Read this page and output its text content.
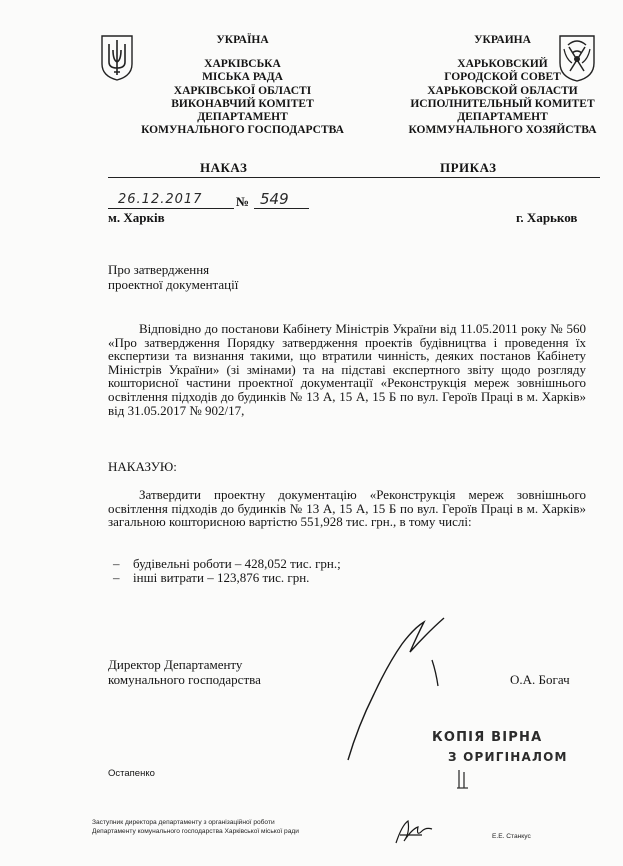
УКРАЇНА
ХАРКІВСЬКА
МІСЬКА РАДА
ХАРКІВСЬКОЇ ОБЛАСТІ
ВИКОНАВЧИЙ КОМІТЕТ
ДЕПАРТАМЕНТ
КОМУНАЛЬНОГО ГОСПОДАРСТВА
УКРАИНА
ХАРЬКОВСКИЙ
ГОРОДСКОЙ СОВЕТ
ХАРЬКОВСКОЙ ОБЛАСТИ
ИСПОЛНИТЕЛЬНЫЙ КОМИТЕТ
ДЕПАРТАМЕНТ
КОММУНАЛЬНОГО ХОЗЯЙСТВА
НАКАЗ	ПРИКАЗ
26.12.2017	№ 549
м. Харків	г. Харьков
Про затвердження
проектної документації
Відповідно до постанови Кабінету Міністрів України від 11.05.2011 року № 560 «Про затвердження Порядку затвердження проектів будівництва і проведення їх експертизи та визнання такими, що втратили чинність, деяких постанов Кабінету Міністрів України» (зі змінами) та на підставі експертного звіту щодо розгляду кошторисної частини проектної документації «Реконструкція мереж зовнішнього освітлення підходів до будинків № 13 А, 15 А, 15 Б по вул. Героїв Праці в м. Харків» від 31.05.2017 № 902/17,
НАКАЗУЮ:
Затвердити проектну документацію «Реконструкція мереж зовнішнього освітлення підходів до будинків № 13 А, 15 А, 15 Б по вул. Героїв Праці в м. Харків» загальною кошторисною вартістю 551,928 тис. грн., в тому числі:
– будівельні роботи – 428,052 тис. грн.;
– інші витрати – 123,876 тис. грн.
Директор Департаменту
комунального господарства	О.А. Богач
КОПІЯ ВІРНА
З ОРИГІНАЛОМ
Остапенко
Заступник директора департаменту з організаційної роботи
Департаменту комунального господарства Харківської міської ради
Е.Е. Станкус
